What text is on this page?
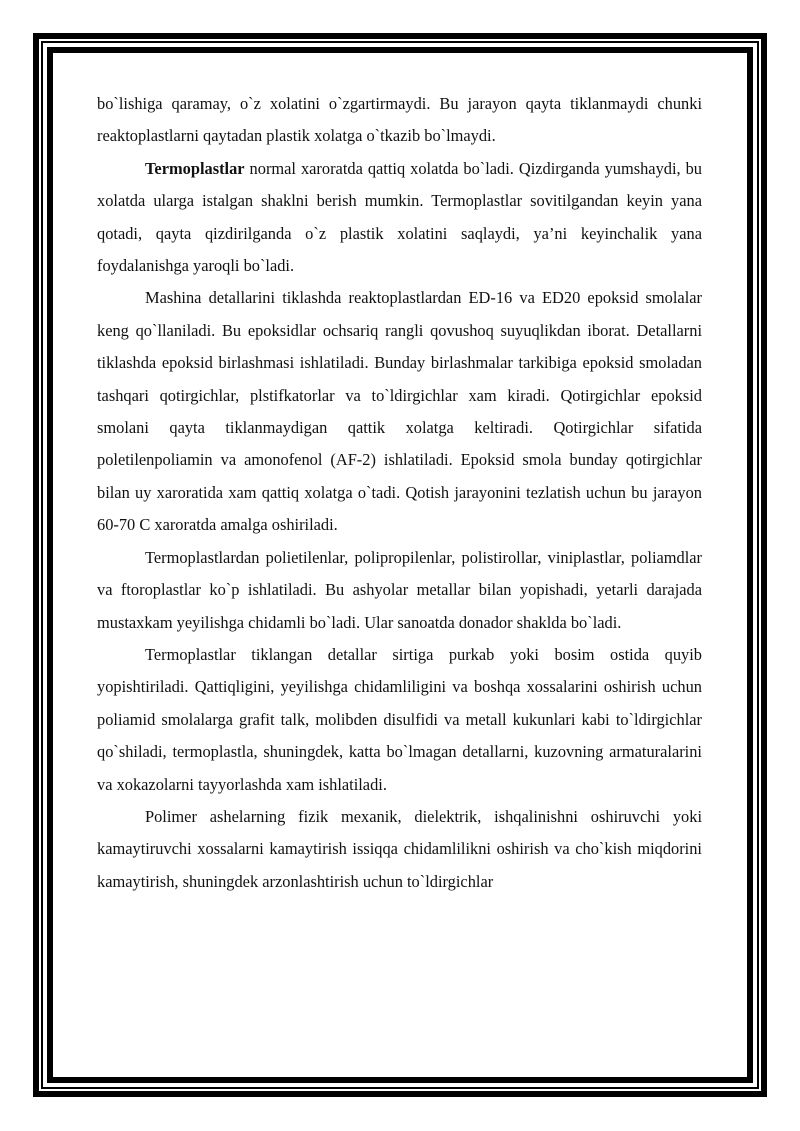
bo`lishiga qaramay, o`z xolatini o`zgartirmaydi. Bu jarayon qayta tiklanmaydi chunki reaktoplastlarni qaytadan plastik xolatga o`tkazib bo`lmaydi.

Termoplastlar normal xaroratda qattiq xolatda bo`ladi. Qizdirganda yumshaydi, bu xolatda ularga istalgan shaklni berish mumkin. Termoplastlar sovitilgandan keyin yana qotadi, qayta qizdirilganda o`z plastik xolatini saqlaydi, ya’ni keyinchalik yana foydalanishga yaroqli bo`ladi.

Mashina detallarini tiklashda reaktoplastlardan ED-16 va ED20 epoksid smolalar keng qo`llaniladi. Bu epoksidlar ochsariq rangli qovushoq suyuqlikdan iborat. Detallarni tiklashda epoksid birlashmasi ishlatiladi. Bunday birlashmalar tarkibiga epoksid smoladan tashqari qotirgichlar, plstifkatorlar va to`ldirgichlar xam kiradi. Qotirgichlar epoksid smolani qayta tiklanmaydigan qattik xolatga keltiradi. Qotirgichlar sifatida poletilenpoliamin va amonofenol (AF-2) ishlatiladi. Epoksid smola bunday qotirgichlar bilan uy xaroratida xam qattiq xolatga o`tadi. Qotish jarayonini tezlatish uchun bu jarayon 60-70 C xaroratda amalga oshiriladi.

Termoplastlardan polietilenlar, polipropilenlar, polistirollar, viniplastlar, poliamdlar va ftoroplastlar ko`p ishlatiladi. Bu ashyolar metallar bilan yopishadi, yetarli darajada mustaxkam yeyilishga chidamli bo`ladi. Ular sanoatda donador shaklda bo`ladi.

Termoplastlar tiklangan detallar sirtiga purkab yoki bosim ostida quyib yopishtiriladi. Qattiqligini, yeyilishga chidamliligini va boshqa xossalarini oshirish uchun poliamid smolalarga grafit talk, molibden disulfidi va metall kukunlari kabi to`ldirgichlar qo`shiladi, termoplastla, shuningdek, katta bo`lmagan detallarni, kuzovning armaturalarini va xokazolarni tayyorlashda xam ishlatiladi.

Polimer ashelarning fizik mexanik, dielektrik, ishqalinishni oshiruvchi yoki kamaytiruvchi xossalarni kamaytirish issiqqa chidamlilikni oshirish va cho`kish miqdorini kamaytirish, shuningdek arzonlashtirish uchun to`ldirgichlar
